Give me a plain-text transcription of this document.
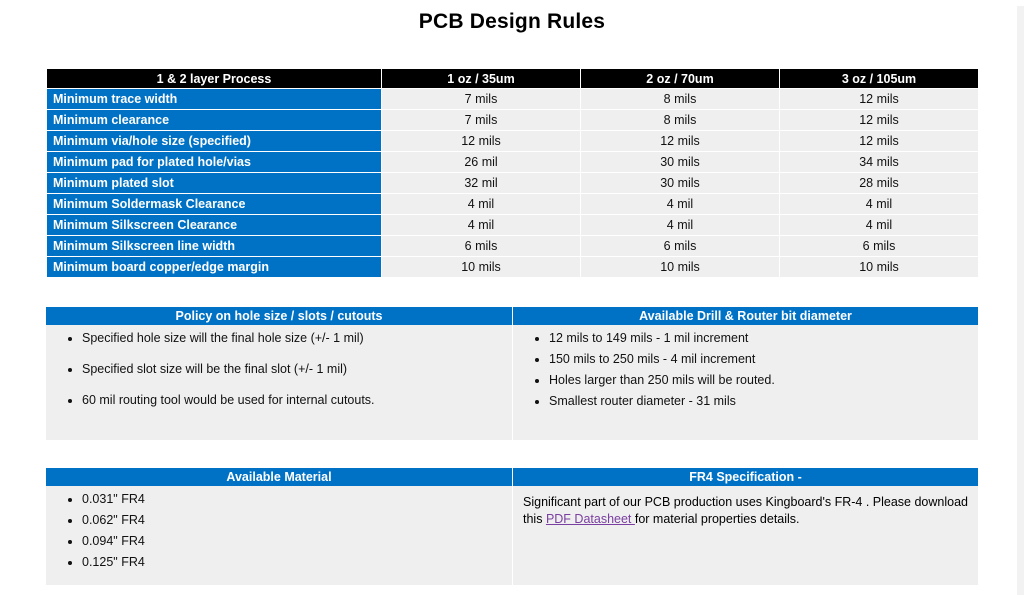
PCB Design Rules
1 & 2 layer Process	1 oz / 35um	2 oz / 70um	3 oz / 105um
Minimum trace width	7 mils	8 mils	12 mils
Minimum clearance	7 mils	8 mils	12 mils
Minimum via/hole size (specified)	12 mils	12 mils	12 mils
Minimum pad for plated hole/vias	26 mil	30 mils	34 mils
Minimum plated slot	32 mil	30 mils	28 mils
Minimum Soldermask Clearance	4 mil	4 mil	4 mil
Minimum Silkscreen Clearance	4 mil	4 mil	4 mil
Minimum Silkscreen line width	6 mils	6 mils	6 mils
Minimum board copper/edge margin	10 mils	10 mils	10 mils
Policy on hole size / slots / cutouts
• Specified hole size will the final hole size (+/- 1 mil)
• Specified slot size will be the final slot (+/- 1 mil)
• 60 mil routing tool would be used for internal cutouts.
Available Drill & Router bit diameter
• 12 mils to 149 mils - 1 mil increment
• 150 mils to 250 mils - 4 mil increment
• Holes larger than 250 mils will be routed.
• Smallest router diameter - 31 mils
Available Material
• 0.031" FR4
• 0.062" FR4
• 0.094" FR4
• 0.125" FR4
FR4 Specification -
Significant part of our PCB production uses Kingboard's FR-4 . Please download this PDF Datasheet for material properties details.
